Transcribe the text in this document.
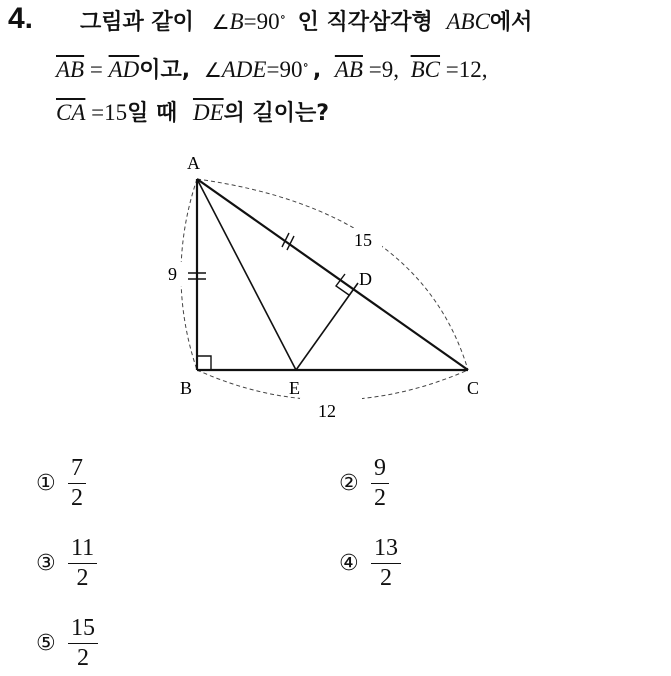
4. 그림과 같이 ∠B=90∘ 인 직각삼각형 ABC에서
$\overline{AB} = \overline{AD}$이고, ∠ADE=90∘ , $\overline{AB} =9$, $\overline{BC} =12$,
$\overline{CA} =15$일 때 $\overline{DE}$의 길이는?
A
B	C
D
E
9
12
15
① $\frac{7}{2}$	② $\frac{9}{2}$
③ $\frac{11}{2}$	④ $\frac{13}{2}$
⑤ $\frac{15}{2}$
